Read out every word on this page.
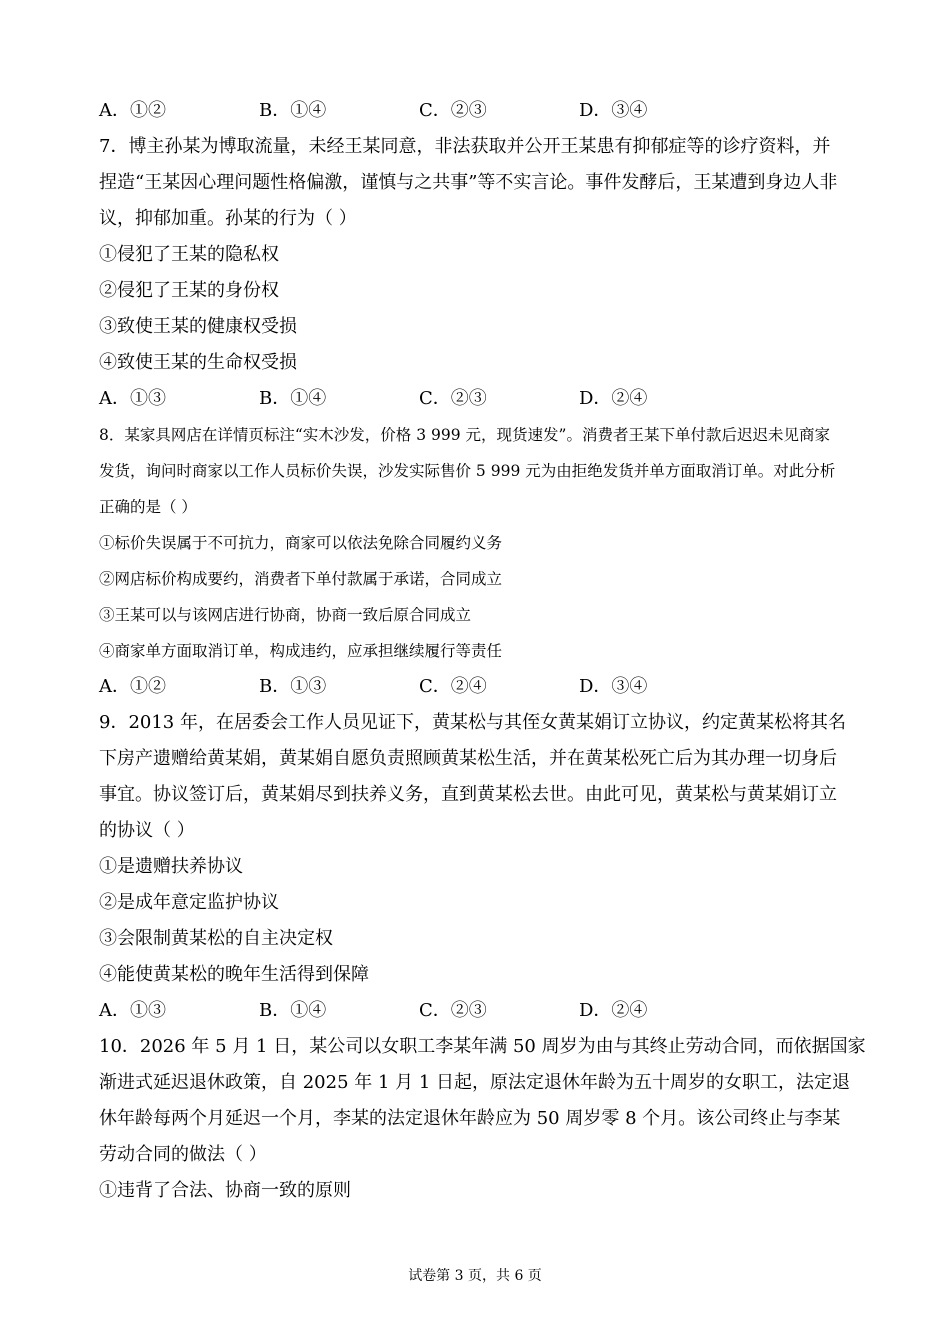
A．①②	B．①④	C．②③	D．③④
7．博主孙某为博取流量，未经王某同意，非法获取并公开王某患有抑郁症等的诊疗资料，并
捏造“王某因心理问题性格偏激，谨慎与之共事”等不实言论。事件发酵后，王某遭到身边人非
议，抑郁加重。孙某的行为（ ）
①侵犯了王某的隐私权
②侵犯了王某的身份权
③致使王某的健康权受损
④致使王某的生命权受损
A．①③	B．①④	C．②③	D．②④
8．某家具网店在详情页标注“实木沙发，价格 3 999 元，现货速发”。消费者王某下单付款后迟迟未见商家
发货，询问时商家以工作人员标价失误，沙发实际售价 5 999 元为由拒绝发货并单方面取消订单。对此分析
正确的是（ ）
①标价失误属于不可抗力，商家可以依法免除合同履约义务
②网店标价构成要约，消费者下单付款属于承诺，合同成立
③王某可以与该网店进行协商，协商一致后原合同成立
④商家单方面取消订单，构成违约，应承担继续履行等责任
A．①②	B．①③	C．②④	D．③④
9．2013 年，在居委会工作人员见证下，黄某松与其侄女黄某娟订立协议，约定黄某松将其名
下房产遗赠给黄某娟，黄某娟自愿负责照顾黄某松生活，并在黄某松死亡后为其办理一切身后
事宜。协议签订后，黄某娟尽到扶养义务，直到黄某松去世。由此可见，黄某松与黄某娟订立
的协议（ ）
①是遗赠扶养协议
②是成年意定监护协议
③会限制黄某松的自主决定权
④能使黄某松的晚年生活得到保障
A．①③	B．①④	C．②③	D．②④
10．2026 年 5 月 1 日，某公司以女职工李某年满 50 周岁为由与其终止劳动合同，而依据国家
渐进式延迟退休政策，自 2025 年 1 月 1 日起，原法定退休年龄为五十周岁的女职工，法定退
休年龄每两个月延迟一个月，李某的法定退休年龄应为 50 周岁零 8 个月。该公司终止与李某
劳动合同的做法（ ）
①违背了合法、协商一致的原则
试卷第 3 页，共 6 页
